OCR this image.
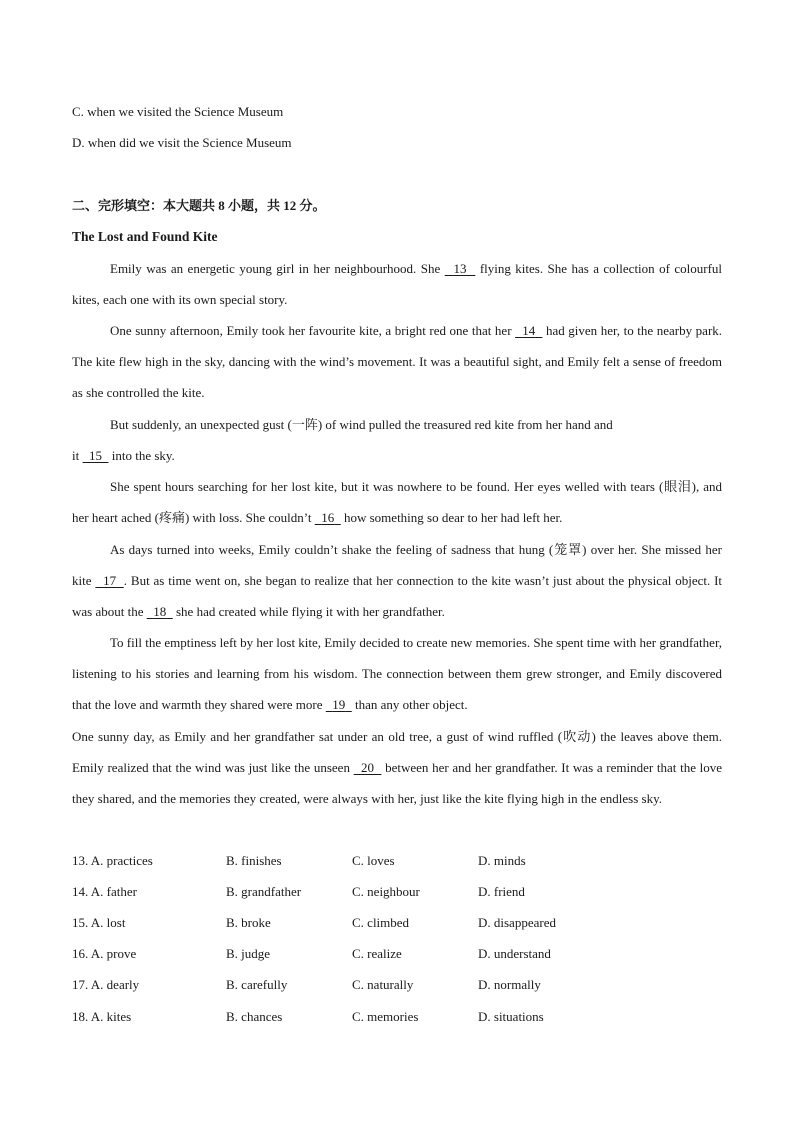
C. when we visited the Science Museum
D. when did we visit the Science Museum
二、完形填空：本大题共 8 小题，共 12 分。
The Lost and Found Kite
Emily was an energetic young girl in her neighbourhood. She   13   flying kites. She has a collection of colourful kites, each one with its own special story.
One sunny afternoon, Emily took her favourite kite, a bright red one that her   14   had given her, to the nearby park. The kite flew high in the sky, dancing with the wind’s movement. It was a beautiful sight, and Emily felt a sense of freedom as she controlled the kite.
But suddenly, an unexpected gust (一阵) of wind pulled the treasured red kite from her hand and
it   15   into the sky.
She spent hours searching for her lost kite, but it was nowhere to be found. Her eyes welled with tears (眼泪), and her heart ached (疼痛) with loss. She couldn’t   16   how something so dear to her had left her.
As days turned into weeks, Emily couldn’t shake the feeling of sadness that hung (笼罩) over her. She missed her kite   17 . But as time went on, she began to realize that her connection to the kite wasn’t just about the physical object. It was about the   18   she had created while flying it with her grandfather.
To fill the emptiness left by her lost kite, Emily decided to create new memories. She spent time with her grandfather, listening to his stories and learning from his wisdom. The connection between them grew stronger, and Emily discovered that the love and warmth they shared were more   19   than any other object.
One sunny day, as Emily and her grandfather sat under an old tree, a gust of wind ruffled (吹动) the leaves above them. Emily realized that the wind was just like the unseen   20   between her and her grandfather. It was a reminder that the love they shared, and the memories they created, were always with her, just like the kite flying high in the endless sky.
13. A. practices	B. finishes	C. loves	D. minds
14. A. father	B. grandfather	C. neighbour	D. friend
15. A. lost	B. broke	C. climbed	D. disappeared
16. A. prove	B. judge	C. realize	D. understand
17. A. dearly	B. carefully	C. naturally	D. normally
18. A. kites	B. chances	C. memories	D. situations
